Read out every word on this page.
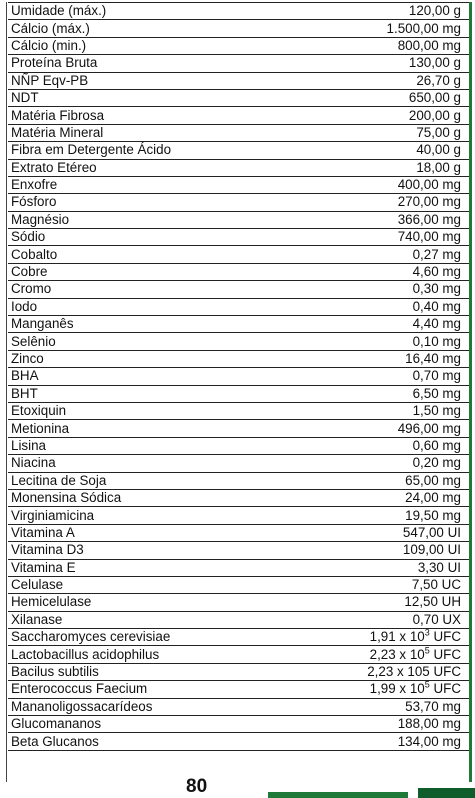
Umidade (máx.)	120,00 g
Cálcio (máx.)	1.500,00 mg
Cálcio (min.)	800,00 mg
Proteína Bruta	130,00 g
NÑP Eqv-PB	26,70 g
NDT	650,00 g
Matéria Fibrosa	200,00 g
Matéria Mineral	75,00 g
Fibra em Detergente Ácido	40,00 g
Extrato Etéreo	18,00 g
Enxofre	400,00 mg
Fósforo	270,00 mg
Magnésio	366,00 mg
Sódio	740,00 mg
Cobalto	0,27 mg
Cobre	4,60 mg
Cromo	0,30 mg
Iodo	0,40 mg
Manganês	4,40 mg
Selênio	0,10 mg
Zinco	16,40 mg
BHA	0,70 mg
BHT	6,50 mg
Etoxiquin	1,50 mg
Metionina	496,00 mg
Lisina	0,60 mg
Niacina	0,20 mg
Lecitina de Soja	65,00 mg
Monensina Sódica	24,00 mg
Virginiamicina	19,50 mg
Vitamina A	547,00 UI
Vitamina D3	109,00 UI
Vitamina E	3,30 UI
Celulase	7,50 UC
Hemicelulase	12,50 UH
Xilanase	0,70 UX
Saccharomyces cerevisiae	1,91 x $10^3$ UFC
Lactobacillus acidophilus	2,23 x $10^5$ UFC
Bacilus subtilis	2,23 x 105 UFC
Enterococcus Faecium	1,99 x $10^5$ UFC
Mananoligossacarídeos	53,70 mg
Glucomananos	188,00 mg
Beta Glucanos	134,00 mg
80
